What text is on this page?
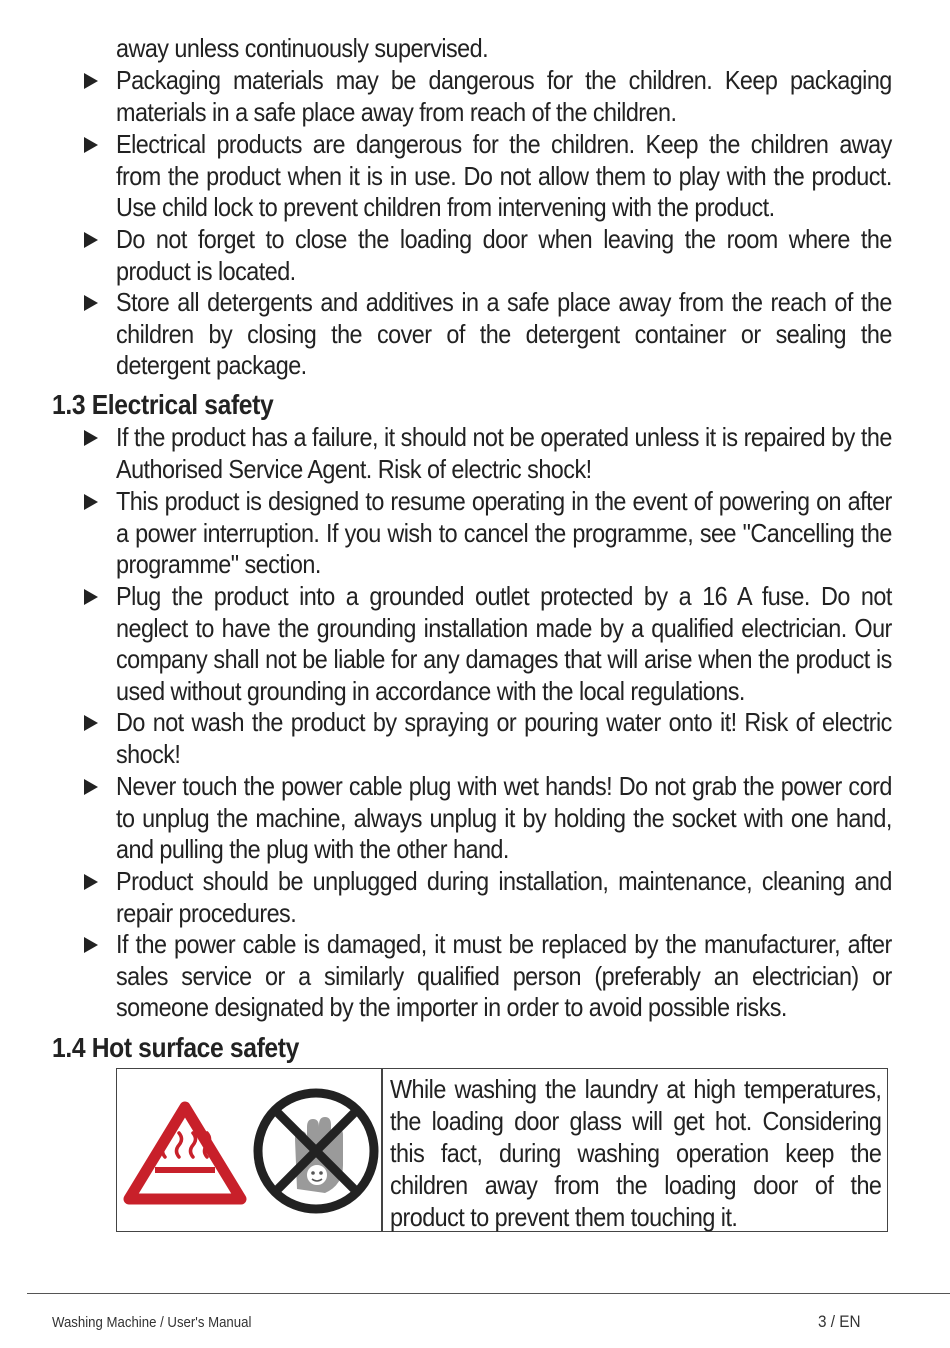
away unless continuously supervised.
Packaging materials may be dangerous for the children. Keep packaging materials in a safe place away from reach of the children.
Electrical products are dangerous for the children. Keep the children away from the product when it is in use. Do not allow them to play with the product. Use child lock to prevent children from intervening with the product.
Do not forget to close the loading door when leaving the room where the product is located.
Store all detergents and additives in a safe place away from the reach of the children by closing the cover of the detergent container or sealing the detergent package.
1.3 Electrical safety
If the product has a failure, it should not be operated unless it is repaired by the Authorised Service Agent. Risk of electric shock!
This product is designed to resume operating in the event of powering on after a power interruption. If you wish to cancel the programme, see "Cancelling the programme" section.
Plug the product into a grounded outlet protected by a 16 A fuse. Do not neglect to have the grounding installation made by a qualified electrician. Our company shall not be liable for any damages that will arise when the product is used without grounding in accordance with the local regulations.
Do not wash the product by spraying or pouring water onto it! Risk of electric shock!
Never touch the power cable plug with wet hands! Do not grab the power cord to unplug the machine, always unplug it by holding the socket with one hand, and pulling the plug with the other hand.
Product should be unplugged during installation, maintenance, cleaning and repair procedures.
If the power cable is damaged, it must be replaced by the manufacturer, after sales service or a similarly qualified person (preferably an electrician) or someone designated by the importer in order to avoid possible risks.
1.4 Hot surface safety
While washing the laundry at high temperatures, the loading door glass will get hot. Considering this fact, during washing operation keep the children away from the loading door of the product to prevent them touching it.
Washing Machine / User's Manual	3 / EN
